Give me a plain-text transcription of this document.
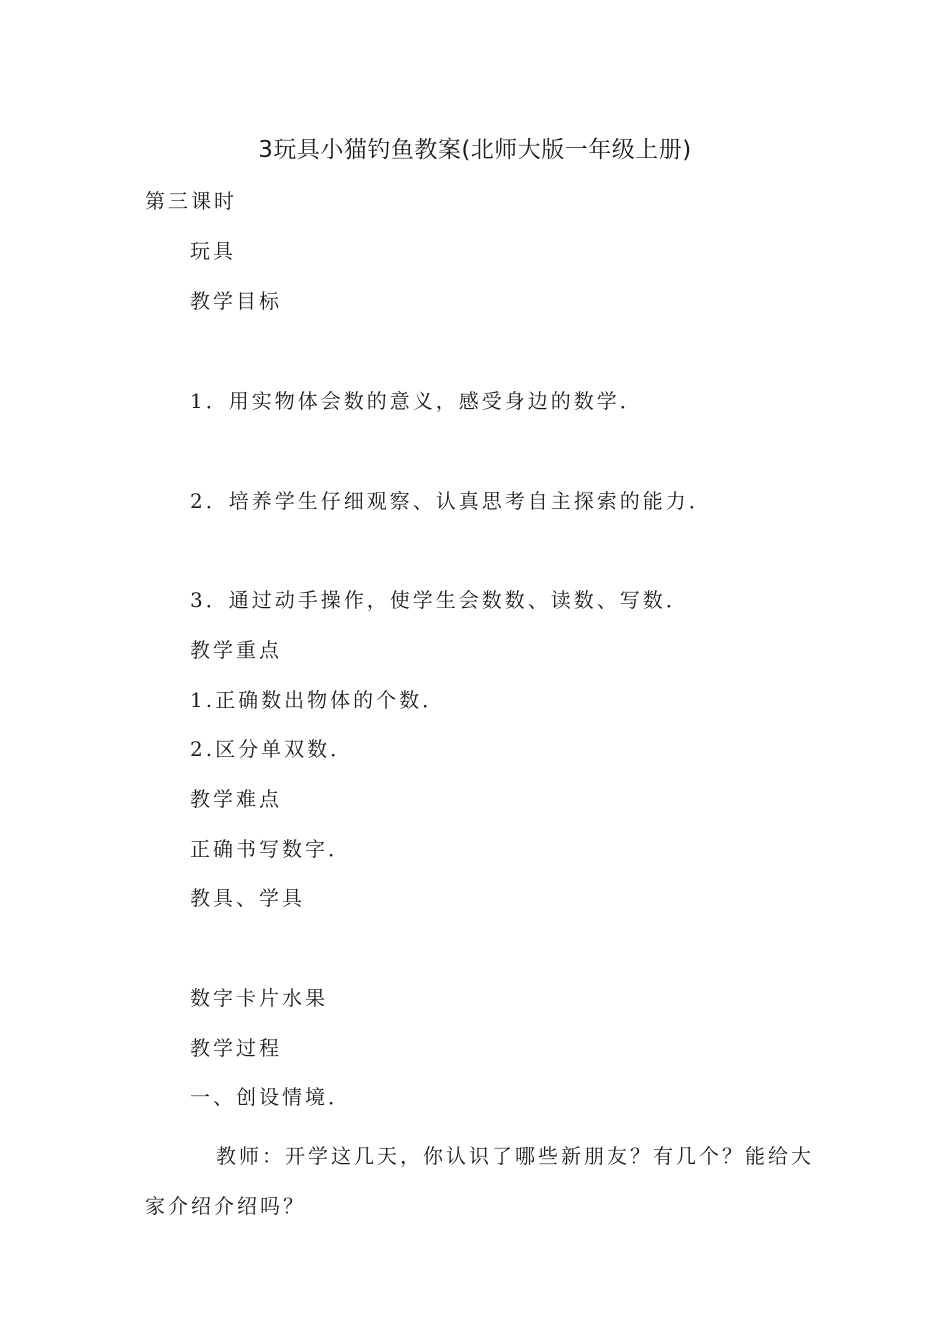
3玩具小猫钓鱼教案(北师大版一年级上册)
第三课时
玩具
教学目标
1．用实物体会数的意义，感受身边的数学．
2．培养学生仔细观察、认真思考自主探索的能力．
3．通过动手操作，使学生会数数、读数、写数．
教学重点
1.正确数出物体的个数．
2.区分单双数．
教学难点
正确书写数字．
教具、学具
数字卡片水果
教学过程
一、创设情境．
教师：开学这几天，你认识了哪些新朋友？有几个？能给大家介绍介绍吗？
